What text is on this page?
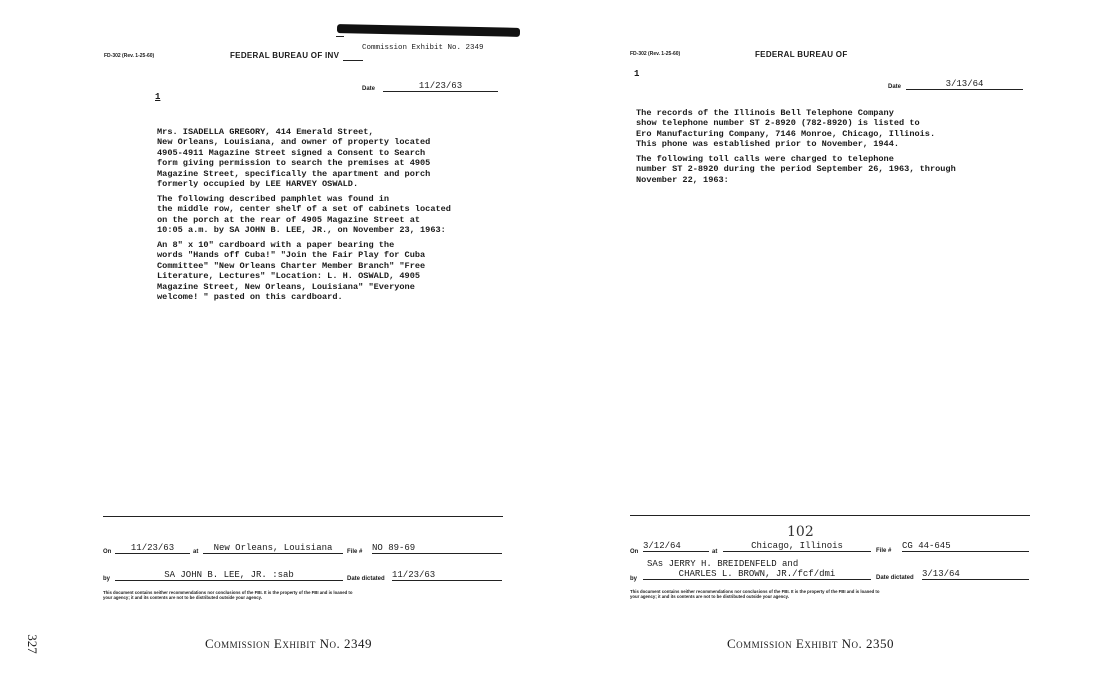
FD-302 (Rev. 1-25-60)	FEDERAL BUREAU OF INV
Commission Exhibit No. 2349
Date	11/23/63
1
Mrs. ISADELLA GREGORY, 414 Emerald Street,
New Orleans, Louisiana, and owner of property located
4905-4911 Magazine Street signed a Consent to Search
form giving permission to search the premises at 4905
Magazine Street, specifically the apartment and porch
formerly occupied by LEE HARVEY OSWALD.
The following described pamphlet was found in
the middle row, center shelf of a set of cabinets located
on the porch at the rear of 4905 Magazine Street at
10:05 a.m. by SA JOHN B. LEE, JR., on November 23, 1963:
An 8" x 10" cardboard with a paper bearing the
words "Hands off Cuba!" "Join the Fair Play for Cuba
Committee" "New Orleans Charter Member Branch" "Free
Literature, Lectures" "Location: L. H. OSWALD, 4905
Magazine Street, New Orleans, Louisiana" "Everyone
welcome! " pasted on this cardboard.
On	11/23/63	at	New Orleans, Louisiana	File # NO 89-69
by	SA JOHN B. LEE, JR. :sab	Date dictated 11/23/63
This document contains neither recommendations nor conclusions of the FBI. It is the property of the FBI and is loaned to
your agency; it and its contents are not to be distributed outside your agency.
Commission Exhibit No. 2349
FD-302 (Rev. 1-25-60)	FEDERAL BUREAU OF
1
Date	3/13/64
The records of the Illinois Bell Telephone Company
show telephone number ST 2-8920 (782-8920) is listed to
Ero Manufacturing Company, 7146 Monroe, Chicago, Illinois.
This phone was established prior to November, 1944.
The following toll calls were charged to telephone
number ST 2-8920 during the period September 26, 1963, through
November 22, 1963:
102
On
3/12/64
at
Chicago, Illinois	File # CG 44-645
by
SAs JERRY H. BREIDENFELD and
CHARLES L. BROWN, JR./fcf/dmi	Date dictated 3/13/64
This document contains neither recommendations nor conclusions of the FBI. It is the property of the FBI and is loaned to
your agency; it and its contents are not to be distributed outside your agency.
Commission Exhibit No. 2350
327
